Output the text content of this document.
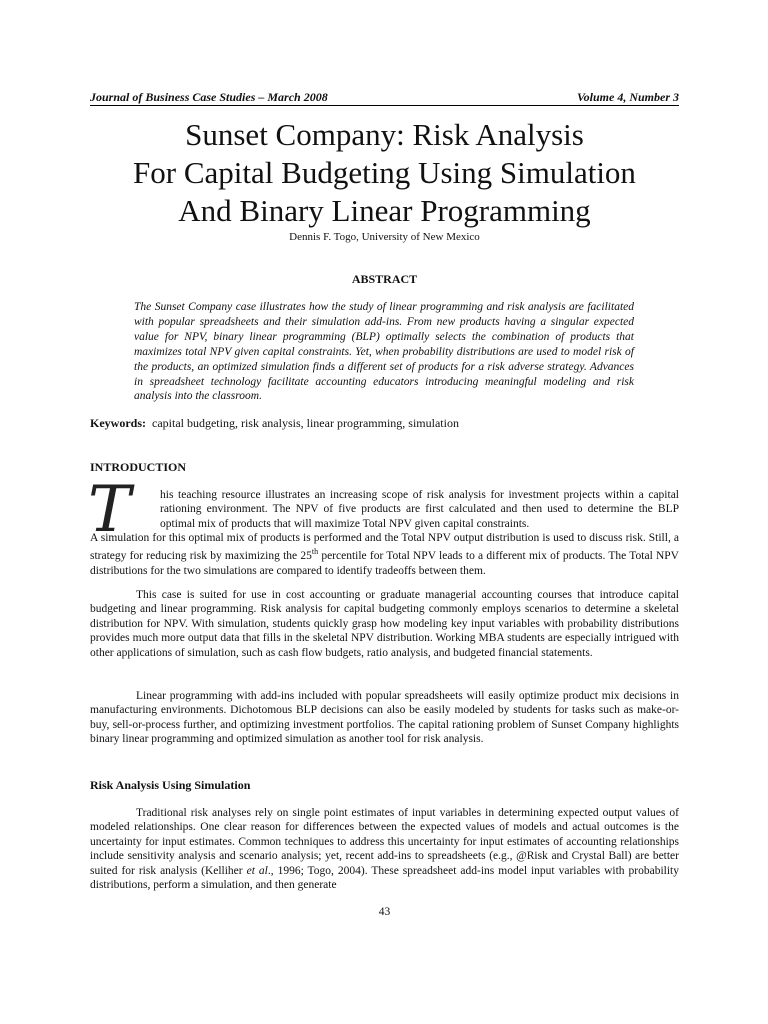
Journal of Business Case Studies – March 2008	Volume 4, Number 3
Sunset Company: Risk Analysis
For Capital Budgeting Using Simulation
And Binary Linear Programming
Dennis F. Togo, University of New Mexico
ABSTRACT
The Sunset Company case illustrates how the study of linear programming and risk analysis are facilitated with popular spreadsheets and their simulation add-ins. From new products having a singular expected value for NPV, binary linear programming (BLP) optimally selects the combination of products that maximizes total NPV given capital constraints. Yet, when probability distributions are used to model risk of the products, an optimized simulation finds a different set of products for a risk adverse strategy. Advances in spreadsheet technology facilitate accounting educators introducing meaningful modeling and risk analysis into the classroom.
Keywords: capital budgeting, risk analysis, linear programming, simulation
INTRODUCTION
T	his teaching resource illustrates an increasing scope of risk analysis for investment projects within a capital rationing environment. The NPV of five products are first calculated and then used to determine the BLP optimal mix of products that will maximize Total NPV given capital constraints.
A simulation for this optimal mix of products is performed and the Total NPV output distribution is used to discuss risk. Still, a strategy for reducing risk by maximizing the 25th percentile for Total NPV leads to a different mix of products. The Total NPV distributions for the two simulations are compared to identify tradeoffs between them.
This case is suited for use in cost accounting or graduate managerial accounting courses that introduce capital budgeting and linear programming. Risk analysis for capital budgeting commonly employs scenarios to determine a skeletal distribution for NPV. With simulation, students quickly grasp how modeling key input variables with probability distributions provides much more output data that fills in the skeletal NPV distribution. Working MBA students are especially intrigued with other applications of simulation, such as cash flow budgets, ratio analysis, and budgeted financial statements.
Linear programming with add-ins included with popular spreadsheets will easily optimize product mix decisions in manufacturing environments. Dichotomous BLP decisions can also be easily modeled by students for tasks such as make-or-buy, sell-or-process further, and optimizing investment portfolios. The capital rationing problem of Sunset Company highlights binary linear programming and optimized simulation as another tool for risk analysis.
Risk Analysis Using Simulation
Traditional risk analyses rely on single point estimates of input variables in determining expected output values of modeled relationships. One clear reason for differences between the expected values of models and actual outcomes is the uncertainty for input estimates. Common techniques to address this uncertainty for input estimates of accounting relationships include sensitivity analysis and scenario analysis; yet, recent add-ins to spreadsheets (e.g., @Risk and Crystal Ball) are better suited for risk analysis (Kelliher et al., 1996; Togo, 2004). These spreadsheet add-ins model input variables with probability distributions, perform a simulation, and then generate
43
